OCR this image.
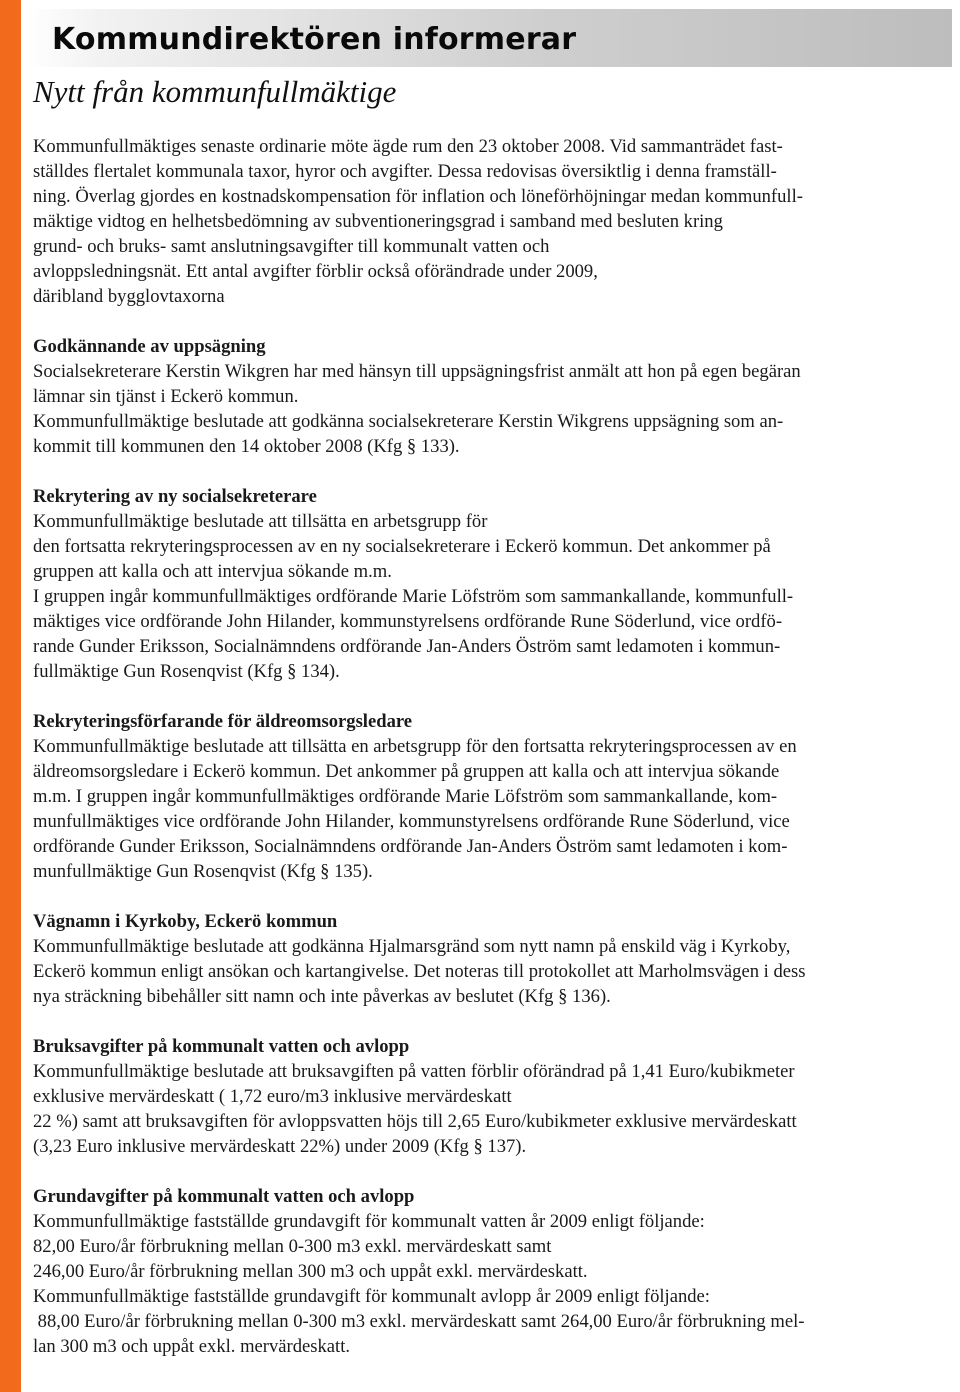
Kommundirektören informerar
Nytt från kommunfullmäktige

Kommunfullmäktiges senaste ordinarie möte ägde rum den 23 oktober 2008. Vid sammanträdet fast-
ställdes flertalet kommunala taxor, hyror och avgifter. Dessa redovisas översiktlig i denna framställ-
ning. Överlag gjordes en kostnadskompensation för inflation och löneförhöjningar medan kommunfull-
mäktige vidtog en helhetsbedömning av subventioneringsgrad i samband med besluten kring
grund- och bruks- samt anslutningsavgifter till kommunalt vatten och
avloppsledningsnät. Ett antal avgifter förblir också oförändrade under 2009,
däribland bygglovtaxorna

Godkännande av uppsägning
Socialsekreterare Kerstin Wikgren har med hänsyn till uppsägningsfrist anmält att hon på egen begäran
lämnar sin tjänst i Eckerö kommun.
Kommunfullmäktige beslutade att godkänna socialsekreterare Kerstin Wikgrens uppsägning som an-
kommit till kommunen den 14 oktober 2008 (Kfg § 133).
Rekrytering av ny socialsekreterare
Kommunfullmäktige beslutade att tillsätta en arbetsgrupp för
den fortsatta rekryteringsprocessen av en ny socialsekreterare i Eckerö kommun. Det ankommer på
gruppen att kalla och att intervjua sökande m.m.
I gruppen ingår kommunfullmäktiges ordförande Marie Löfström som sammankallande, kommunfull-
mäktiges vice ordförande John Hilander, kommunstyrelsens ordförande Rune Söderlund, vice ordfö-
rande Gunder Eriksson, Socialnämndens ordförande Jan-Anders Öström samt ledamoten i kommun-
fullmäktige Gun Rosenqvist (Kfg § 134).
Rekryteringsförfarande för äldreomsorgsledare
Kommunfullmäktige beslutade att tillsätta en arbetsgrupp för den fortsatta rekryteringsprocessen av en
äldreomsorgsledare i Eckerö kommun. Det ankommer på gruppen att kalla och att intervjua sökande
m.m. I gruppen ingår kommunfullmäktiges ordförande Marie Löfström som sammankallande, kom-
munfullmäktiges vice ordförande John Hilander, kommunstyrelsens ordförande Rune Söderlund, vice
ordförande Gunder Eriksson, Socialnämndens ordförande Jan-Anders Öström samt ledamoten i kom-
munfullmäktige Gun Rosenqvist (Kfg § 135).
Vägnamn i Kyrkoby, Eckerö kommun
Kommunfullmäktige beslutade att godkänna Hjalmarsgränd som nytt namn på enskild väg i Kyrkoby,
Eckerö kommun enligt ansökan och kartangivelse. Det noteras till protokollet att Marholmsvägen i dess
nya sträckning bibehåller sitt namn och inte påverkas av beslutet (Kfg § 136).
Bruksavgifter på kommunalt vatten och avlopp
Kommunfullmäktige beslutade att bruksavgiften på vatten förblir oförändrad på 1,41 Euro/kubikmeter
exklusive mervärdeskatt ( 1,72 euro/m3 inklusive mervärdeskatt
22 %) samt att bruksavgiften för avloppsvatten höjs till 2,65 Euro/kubikmeter exklusive mervärdeskatt
(3,23 Euro inklusive mervärdeskatt 22%) under 2009 (Kfg § 137).
Grundavgifter på kommunalt vatten och avlopp
Kommunfullmäktige fastställde grundavgift för kommunalt vatten år 2009 enligt följande:
82,00 Euro/år förbrukning mellan 0-300 m3 exkl. mervärdeskatt samt
246,00 Euro/år förbrukning mellan 300 m3 och uppåt exkl. mervärdeskatt.
Kommunfullmäktige fastställde grundavgift för kommunalt avlopp år 2009 enligt följande:
88,00 Euro/år förbrukning mellan 0-300 m3 exkl. mervärdeskatt samt 264,00 Euro/år förbrukning mel-
lan 300 m3 och uppåt exkl. mervärdeskatt.
